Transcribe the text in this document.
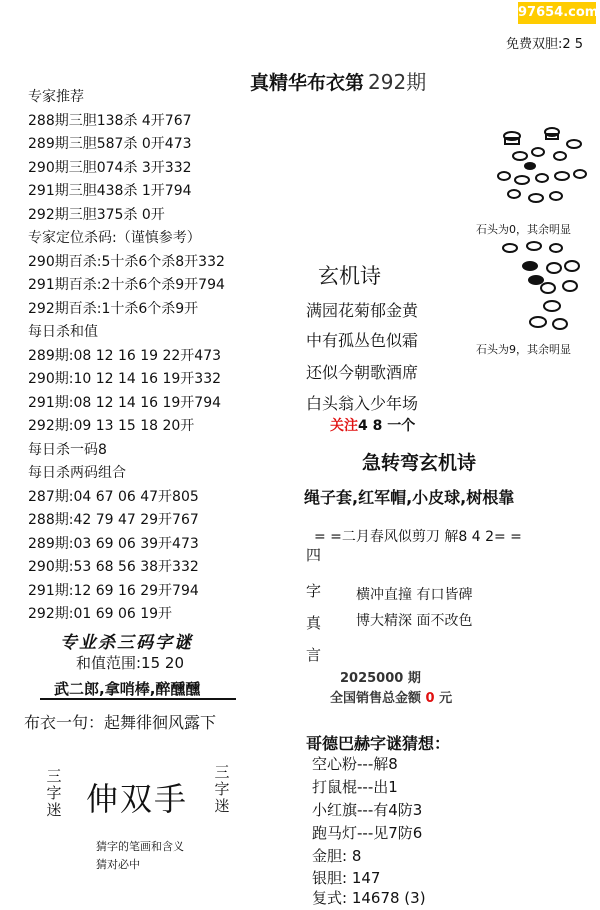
97654.com
免费双胆:2 5
真精华布衣第 292期
专家推荐
288期三胆138杀 4开767
289期三胆587杀 0开473
290期三胆074杀 3开332
291期三胆438杀 1开794
292期三胆375杀 0开
专家定位杀码:（谨慎参考）
290期百杀:5十杀6个杀8开332
291期百杀:2十杀6个杀9开794
292期百杀:1十杀6个杀9开
每日杀和值
289期:08 12 16 19 22开473
290期:10 12 14 16 19开332
291期:08 12 14 16 19开794
292期:09 13 15 18 20开
每日杀一码8
每日杀两码组合
287期:04 67 06 47开805
288期:42 79 47 29开767
289期:03 69 06 39开473
290期:53 68 56 38开332
291期:12 69 16 29开794
292期:01 69 06 19开
专业杀三码字谜
和值范围:15 20
武二郎,拿哨棒,醉醺醺
布衣一句：起舞徘徊风露下
三字迷 伸双手
三字迷
猜字的笔画和含义
猜对必中
石头为0，其余明显
石头为9，其余明显
玄机诗
满园花菊郁金黄
中有孤丛色似霜
还似今朝歌酒席
白头翁入少年场
关注4 8 一个
急转弯玄机诗
绳子套,红军帽,小皮球,树根靠
= =二月春风似剪刀 解8 4 2= =
四
字
真
言
横冲直撞 有口皆碑
博大精深 面不改色
2025000 期
全国销售总金额 0 元
哥德巴赫字谜猜想：
空心粉---解8
打鼠棍---出1
小红旗---有4防3
跑马灯---见7防6
金胆: 8
银胆: 147
复式: 14678 (3)
